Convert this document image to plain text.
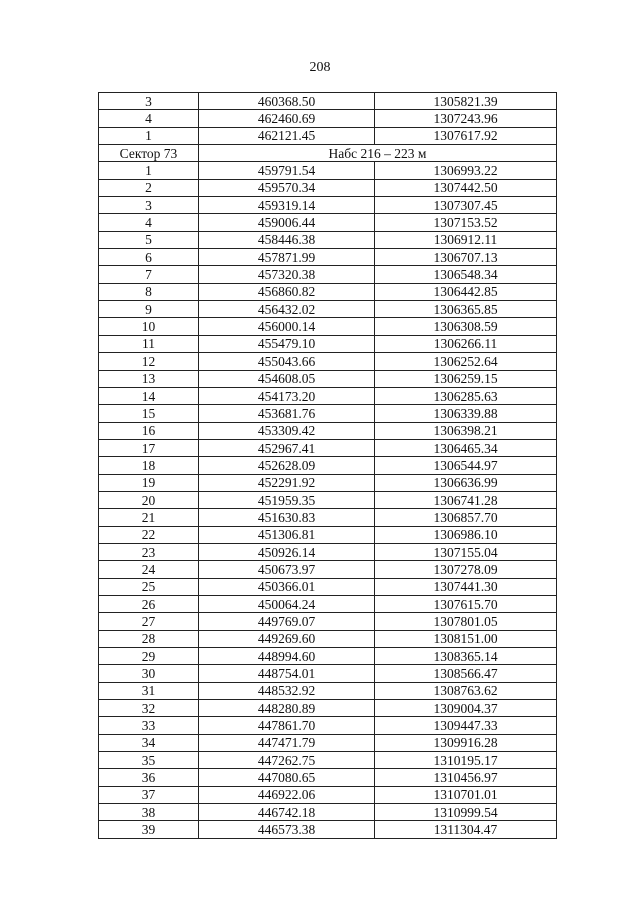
208
3	460368.50	1305821.39
4	462460.69	1307243.96
1	462121.45	1307617.92
Сектор 73	Набс 216 – 223 м	
1	459791.54	1306993.22
2	459570.34	1307442.50
3	459319.14	1307307.45
4	459006.44	1307153.52
5	458446.38	1306912.11
6	457871.99	1306707.13
7	457320.38	1306548.34
8	456860.82	1306442.85
9	456432.02	1306365.85
10	456000.14	1306308.59
11	455479.10	1306266.11
12	455043.66	1306252.64
13	454608.05	1306259.15
14	454173.20	1306285.63
15	453681.76	1306339.88
16	453309.42	1306398.21
17	452967.41	1306465.34
18	452628.09	1306544.97
19	452291.92	1306636.99
20	451959.35	1306741.28
21	451630.83	1306857.70
22	451306.81	1306986.10
23	450926.14	1307155.04
24	450673.97	1307278.09
25	450366.01	1307441.30
26	450064.24	1307615.70
27	449769.07	1307801.05
28	449269.60	1308151.00
29	448994.60	1308365.14
30	448754.01	1308566.47
31	448532.92	1308763.62
32	448280.89	1309004.37
33	447861.70	1309447.33
34	447471.79	1309916.28
35	447262.75	1310195.17
36	447080.65	1310456.97
37	446922.06	1310701.01
38	446742.18	1310999.54
39	446573.38	1311304.47
